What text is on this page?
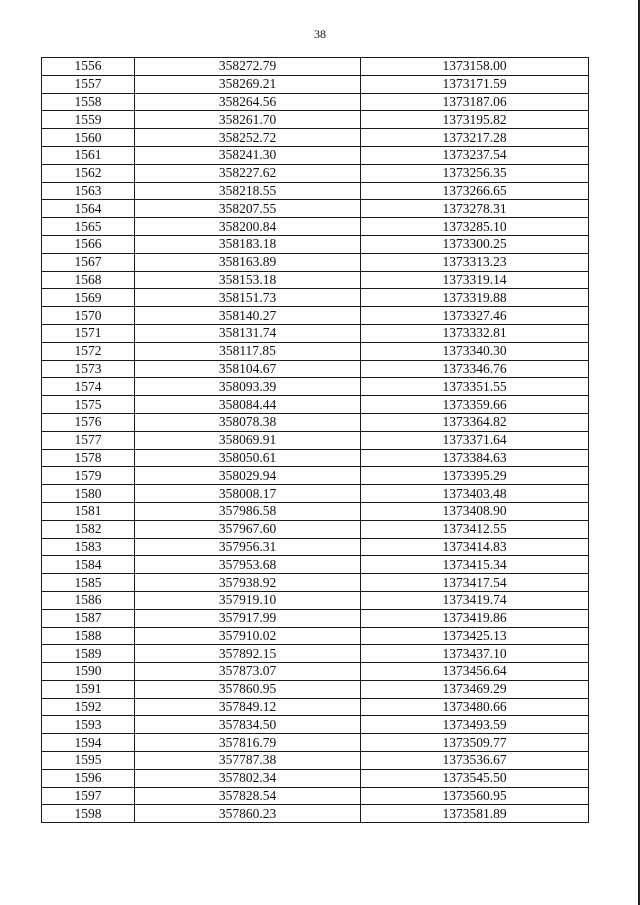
38
1556	358272.79	1373158.00
1557	358269.21	1373171.59
1558	358264.56	1373187.06
1559	358261.70	1373195.82
1560	358252.72	1373217.28
1561	358241.30	1373237.54
1562	358227.62	1373256.35
1563	358218.55	1373266.65
1564	358207.55	1373278.31
1565	358200.84	1373285.10
1566	358183.18	1373300.25
1567	358163.89	1373313.23
1568	358153.18	1373319.14
1569	358151.73	1373319.88
1570	358140.27	1373327.46
1571	358131.74	1373332.81
1572	358117.85	1373340.30
1573	358104.67	1373346.76
1574	358093.39	1373351.55
1575	358084.44	1373359.66
1576	358078.38	1373364.82
1577	358069.91	1373371.64
1578	358050.61	1373384.63
1579	358029.94	1373395.29
1580	358008.17	1373403.48
1581	357986.58	1373408.90
1582	357967.60	1373412.55
1583	357956.31	1373414.83
1584	357953.68	1373415.34
1585	357938.92	1373417.54
1586	357919.10	1373419.74
1587	357917.99	1373419.86
1588	357910.02	1373425.13
1589	357892.15	1373437.10
1590	357873.07	1373456.64
1591	357860.95	1373469.29
1592	357849.12	1373480.66
1593	357834.50	1373493.59
1594	357816.79	1373509.77
1595	357787.38	1373536.67
1596	357802.34	1373545.50
1597	357828.54	1373560.95
1598	357860.23	1373581.89
